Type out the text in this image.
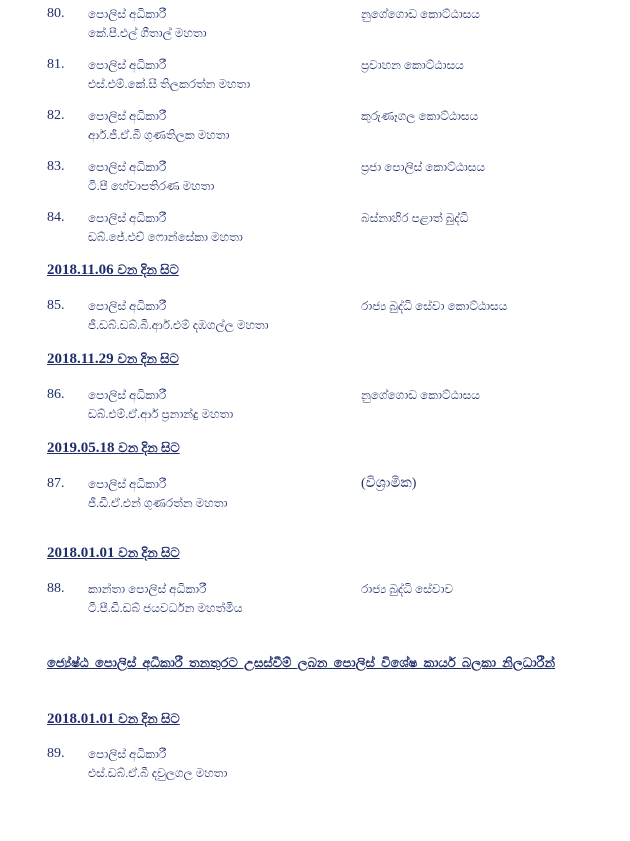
80. පොලිස් අධිකාරී
කේ.පී.එල් ගීතාල් මහතා
නුගේගොඩ කොට්ඨාසය
81. පොලිස් අධිකාරී
එස්.එම්.කේ.සී තිලකරත්න මහතා
ප්‍රවාහන කොට්ඨාසය
82. පොලිස් අධිකාරී
ආර්.ජී.ඒ.බී ගුණතිලක මහතා
කුරුණෑගල කොට්ඨාසය
83. පොලිස් අධිකාරී
ටී.පී හේවාපතිරණ මහතා
ප්‍රජා පොලිස් කොට්ඨාසය
84. පොලිස් අධිකාරී
ඩබ්.ජේ.එච් ෆොන්සේකා මහතා
බස්නාහිර පළාත් බුද්ධි
2018.11.06 වන දින සිට
85. පොලිස් අධිකාරී
ජී.ඩබ්.ඩබ්.බී.ආර්.එම් දඹගල්ල මහතා
රාජ්‍ය බුද්ධි සේවා කොට්ඨාසය
2018.11.29 වන දින සිට
86. පොලිස් අධිකාරී
ඩබ්.එම්.ඒ.ආර් ප්‍රනාන්දු මහතා
නුගේගොඩ කොට්ඨාසය
2019.05.18 වන දින සිට
87. පොලිස් අධිකාරී
ජී.ඩී.ඒ.එන් ගුණරත්න මහතා
(විශ්‍රාමික)
2018.01.01 වන දින සිට
88. කාන්තා පොලිස් අධිකාරී
ටී.පී.ඩී.ඩබ් ජයවර්ධන මහත්මිය
රාජ්‍ය බුද්ධි සේවාව
ජ්‍යේෂ්ඨ පොලිස් අධිකාරී තනතුරට උසස්වීම් ලබන පොලිස් විශේෂ කාර්ය බලකා නිලධාරීන්
2018.01.01 වන දින සිට
89. පොලිස් අධිකාරී
එස්.ඩබ්.ඒ.බී දවුලගල මහතා
